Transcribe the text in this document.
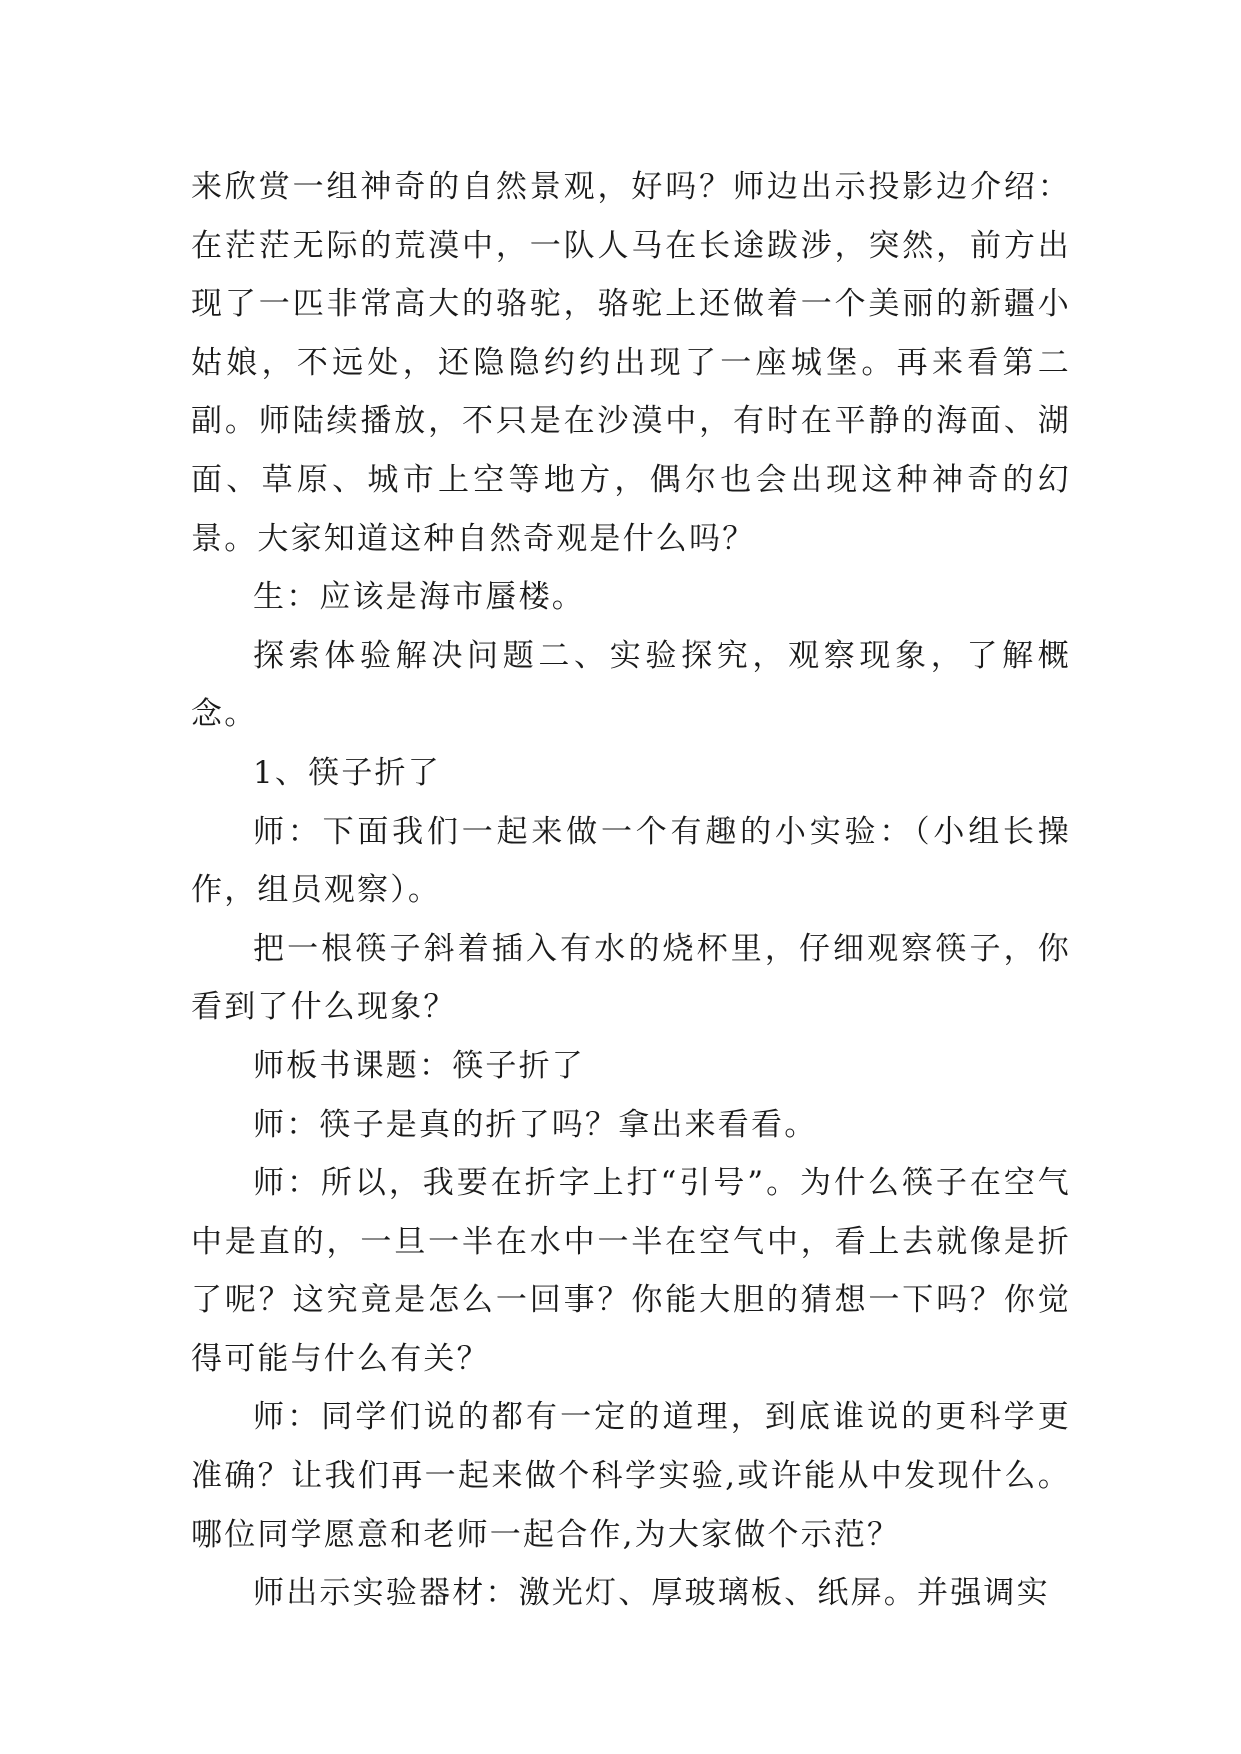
来欣赏一组神奇的自然景观，好吗？师边出示投影边介绍：在茫茫无际的荒漠中，一队人马在长途跋涉，突然，前方出现了一匹非常高大的骆驼，骆驼上还做着一个美丽的新疆小姑娘，不远处，还隐隐约约出现了一座城堡。再来看第二副。师陆续播放，不只是在沙漠中，有时在平静的海面、湖面、草原、城市上空等地方，偶尔也会出现这种神奇的幻景。大家知道这种自然奇观是什么吗？

生：应该是海市蜃楼。

探索体验解决问题二、实验探究，观察现象，了解概念。

1、筷子折了

师：下面我们一起来做一个有趣的小实验：（小组长操作，组员观察）。

把一根筷子斜着插入有水的烧杯里，仔细观察筷子，你看到了什么现象？

师板书课题：筷子折了

师：筷子是真的折了吗？拿出来看看。

师：所以，我要在折字上打“引号”。为什么筷子在空气中是直的，一旦一半在水中一半在空气中，看上去就像是折了呢？这究竟是怎么一回事？你能大胆的猜想一下吗？你觉得可能与什么有关？

师：同学们说的都有一定的道理，到底谁说的更科学更准确？让我们再一起来做个科学实验,或许能从中发现什么。哪位同学愿意和老师一起合作,为大家做个示范？

师出示实验器材：激光灯、厚玻璃板、纸屏。并强调实
